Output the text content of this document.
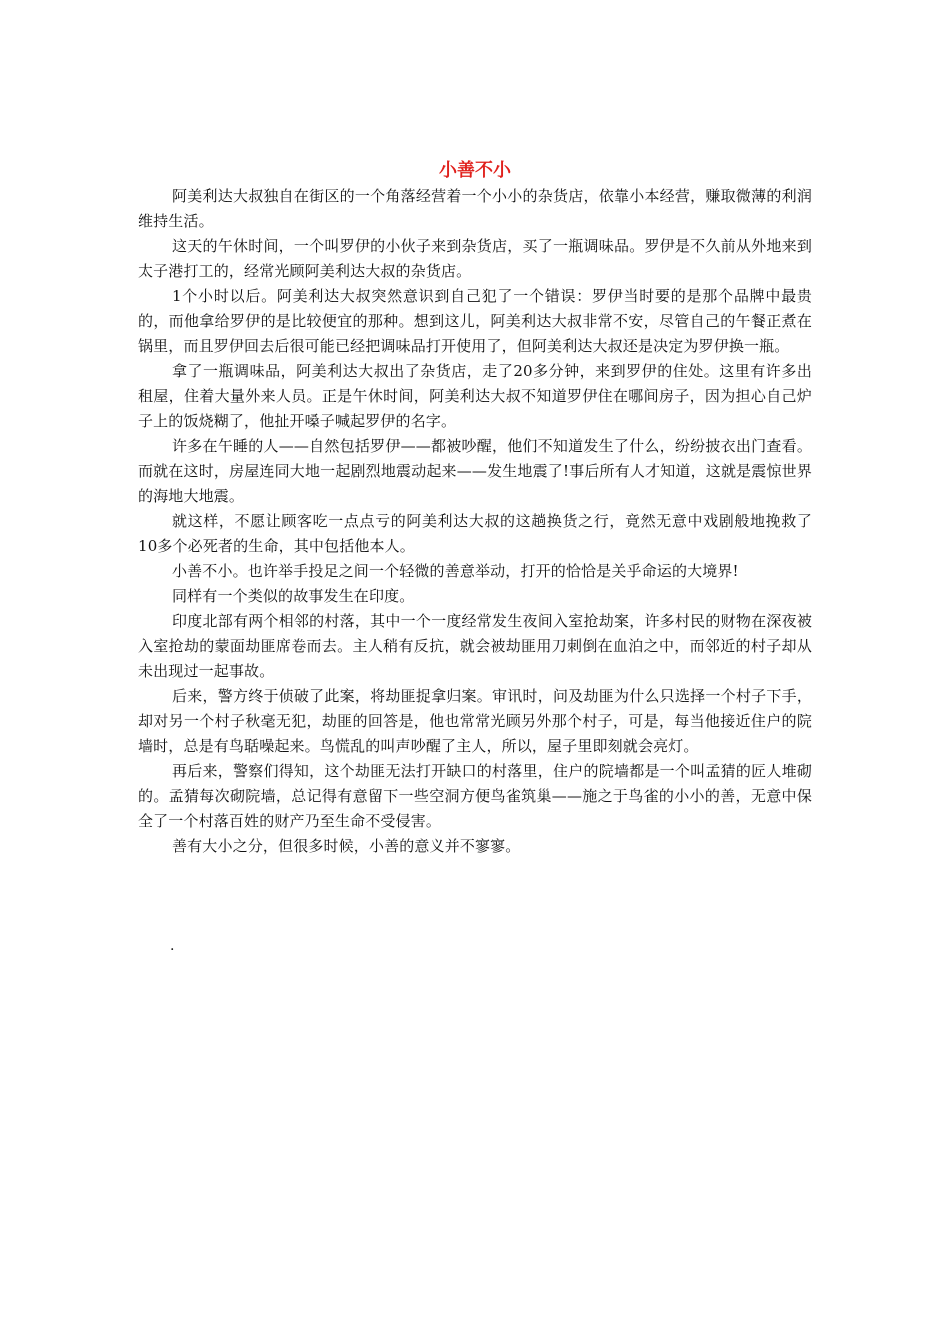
小善不小

阿美利达大叔独自在街区的一个角落经营着一个小小的杂货店，依靠小本经营，赚取微薄的利润维持生活。

这天的午休时间，一个叫罗伊的小伙子来到杂货店，买了一瓶调味品。罗伊是不久前从外地来到太子港打工的，经常光顾阿美利达大叔的杂货店。

1个小时以后。阿美利达大叔突然意识到自己犯了一个错误：罗伊当时要的是那个品牌中最贵的，而他拿给罗伊的是比较便宜的那种。想到这儿，阿美利达大叔非常不安，尽管自己的午餐正煮在锅里，而且罗伊回去后很可能已经把调味品打开使用了，但阿美利达大叔还是决定为罗伊换一瓶。

拿了一瓶调味品，阿美利达大叔出了杂货店，走了20多分钟，来到罗伊的住处。这里有许多出租屋，住着大量外来人员。正是午休时间，阿美利达大叔不知道罗伊住在哪间房子，因为担心自己炉子上的饭烧糊了，他扯开嗓子喊起罗伊的名字。

许多在午睡的人——自然包括罗伊——都被吵醒，他们不知道发生了什么，纷纷披衣出门查看。而就在这时，房屋连同大地一起剧烈地震动起来——发生地震了!事后所有人才知道，这就是震惊世界的海地大地震。

就这样，不愿让顾客吃一点点亏的阿美利达大叔的这趟换货之行，竟然无意中戏剧般地挽救了10多个必死者的生命，其中包括他本人。

小善不小。也许举手投足之间一个轻微的善意举动，打开的恰恰是关乎命运的大境界!

同样有一个类似的故事发生在印度。

印度北部有两个相邻的村落，其中一个一度经常发生夜间入室抢劫案，许多村民的财物在深夜被入室抢劫的蒙面劫匪席卷而去。主人稍有反抗，就会被劫匪用刀刺倒在血泊之中，而邻近的村子却从未出现过一起事故。

后来，警方终于侦破了此案，将劫匪捉拿归案。审讯时，问及劫匪为什么只选择一个村子下手，却对另一个村子秋毫无犯，劫匪的回答是，他也常常光顾另外那个村子，可是，每当他接近住户的院墙时，总是有鸟聒噪起来。鸟慌乱的叫声吵醒了主人，所以，屋子里即刻就会亮灯。

再后来，警察们得知，这个劫匪无法打开缺口的村落里，住户的院墙都是一个叫孟猜的匠人堆砌的。孟猜每次砌院墙，总记得有意留下一些空洞方便鸟雀筑巢——施之于鸟雀的小小的善，无意中保全了一个村落百姓的财产乃至生命不受侵害。

善有大小之分，但很多时候，小善的意义并不寥寥。

.
